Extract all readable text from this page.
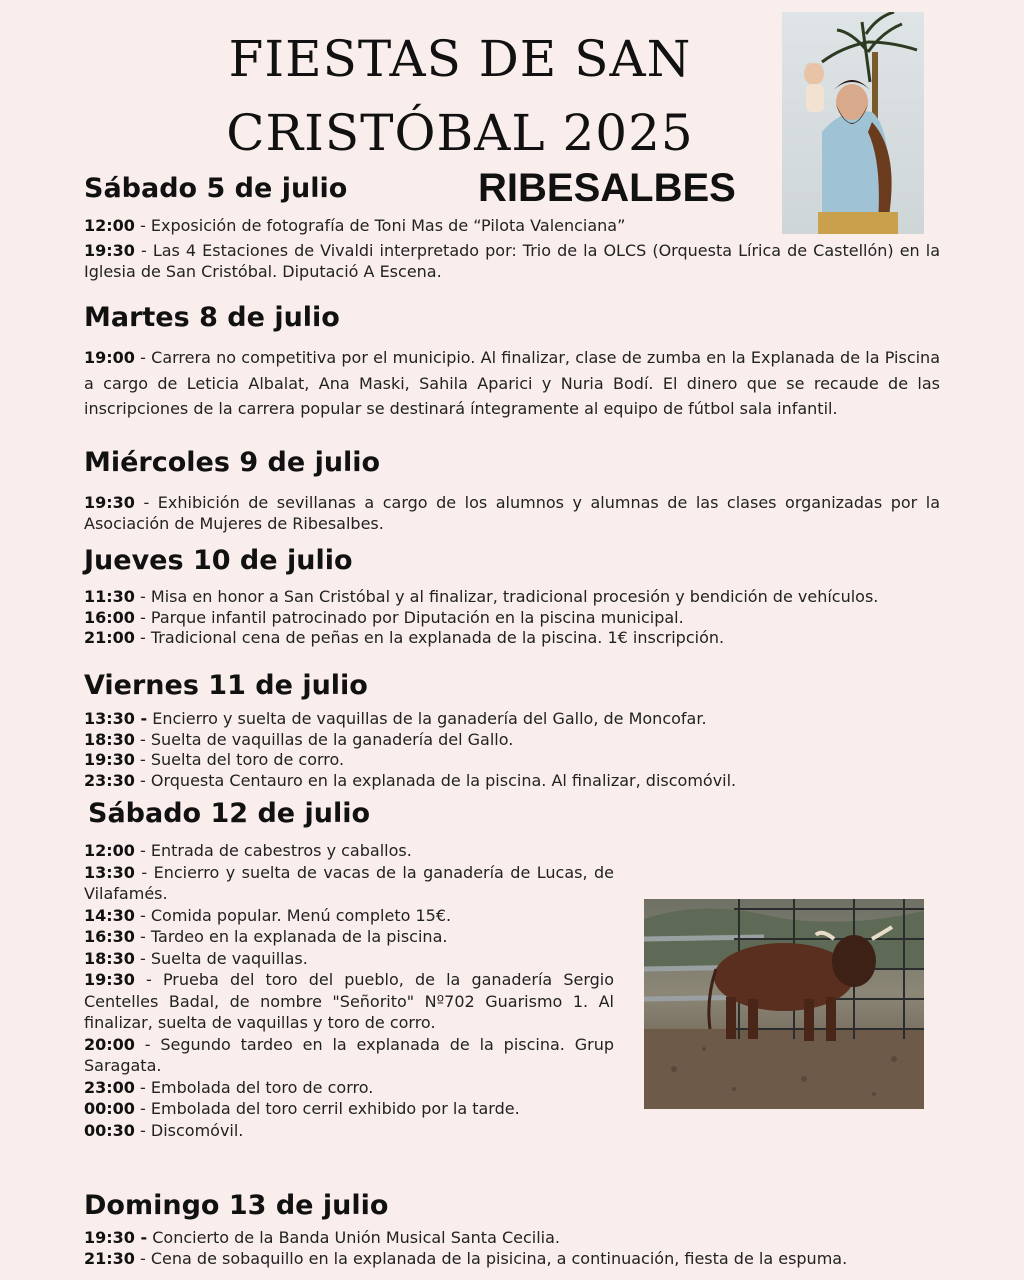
FIESTAS DE SAN
CRISTÓBAL 2025
RIBESALBES
Sábado 5 de julio

12:00 - Exposición de fotografía de Toni Mas de “Pilota Valenciana”

19:30 - Las 4 Estaciones de Vivaldi interpretado por: Trio de la OLCS (Orquesta Lírica de Castellón) en la Iglesia de San Cristóbal. Diputació A Escena.

Martes 8 de julio

19:00 - Carrera no competitiva por el municipio. Al finalizar, clase de zumba en la Explanada de la Piscina a cargo de Leticia Albalat, Ana Maski, Sahila Aparici y Nuria Bodí. El dinero que se recaude de las inscripciones de la carrera popular se destinará íntegramente al equipo de fútbol sala infantil.

Miércoles 9 de julio

19:30 - Exhibición de sevillanas a cargo de los alumnos y alumnas de las clases organizadas por la Asociación de Mujeres de Ribesalbes.

Jueves 10 de julio

11:30 - Misa en honor a San Cristóbal y al finalizar, tradicional procesión y bendición de vehículos.

16:00 - Parque infantil patrocinado por Diputación en la piscina municipal.

21:00 - Tradicional cena de peñas en la explanada de la piscina. 1€ inscripción.

Viernes 11 de julio

13:30 - Encierro y suelta de vaquillas de la ganadería del Gallo, de Moncofar.

18:30 - Suelta de vaquillas de la ganadería del Gallo.

19:30 - Suelta del toro de corro.

23:30 - Orquesta Centauro en la explanada de la piscina. Al finalizar, discomóvil.

Sábado 12 de julio

12:00 - Entrada de cabestros y caballos.

13:30 - Encierro y suelta de vacas de la ganadería de Lucas, de Vilafamés.

14:30 - Comida popular. Menú completo 15€.

16:30 - Tardeo en la explanada de la piscina.

18:30 - Suelta de vaquillas.

19:30 - Prueba del toro del pueblo, de la ganadería Sergio Centelles Badal, de nombre "Señorito" Nº702 Guarismo 1. Al finalizar, suelta de vaquillas y toro de corro.

20:00 - Segundo tardeo en la explanada de la piscina. Grup Saragata.

23:00 - Embolada del toro de corro.

00:00 - Embolada del toro cerril exhibido por la tarde.

00:30 - Discomóvil.

Domingo 13 de julio

19:30 - Concierto de la Banda Unión Musical Santa Cecilia.

21:30 - Cena de sobaquillo en la explanada de la pisicina, a continuación, fiesta de la espuma.
